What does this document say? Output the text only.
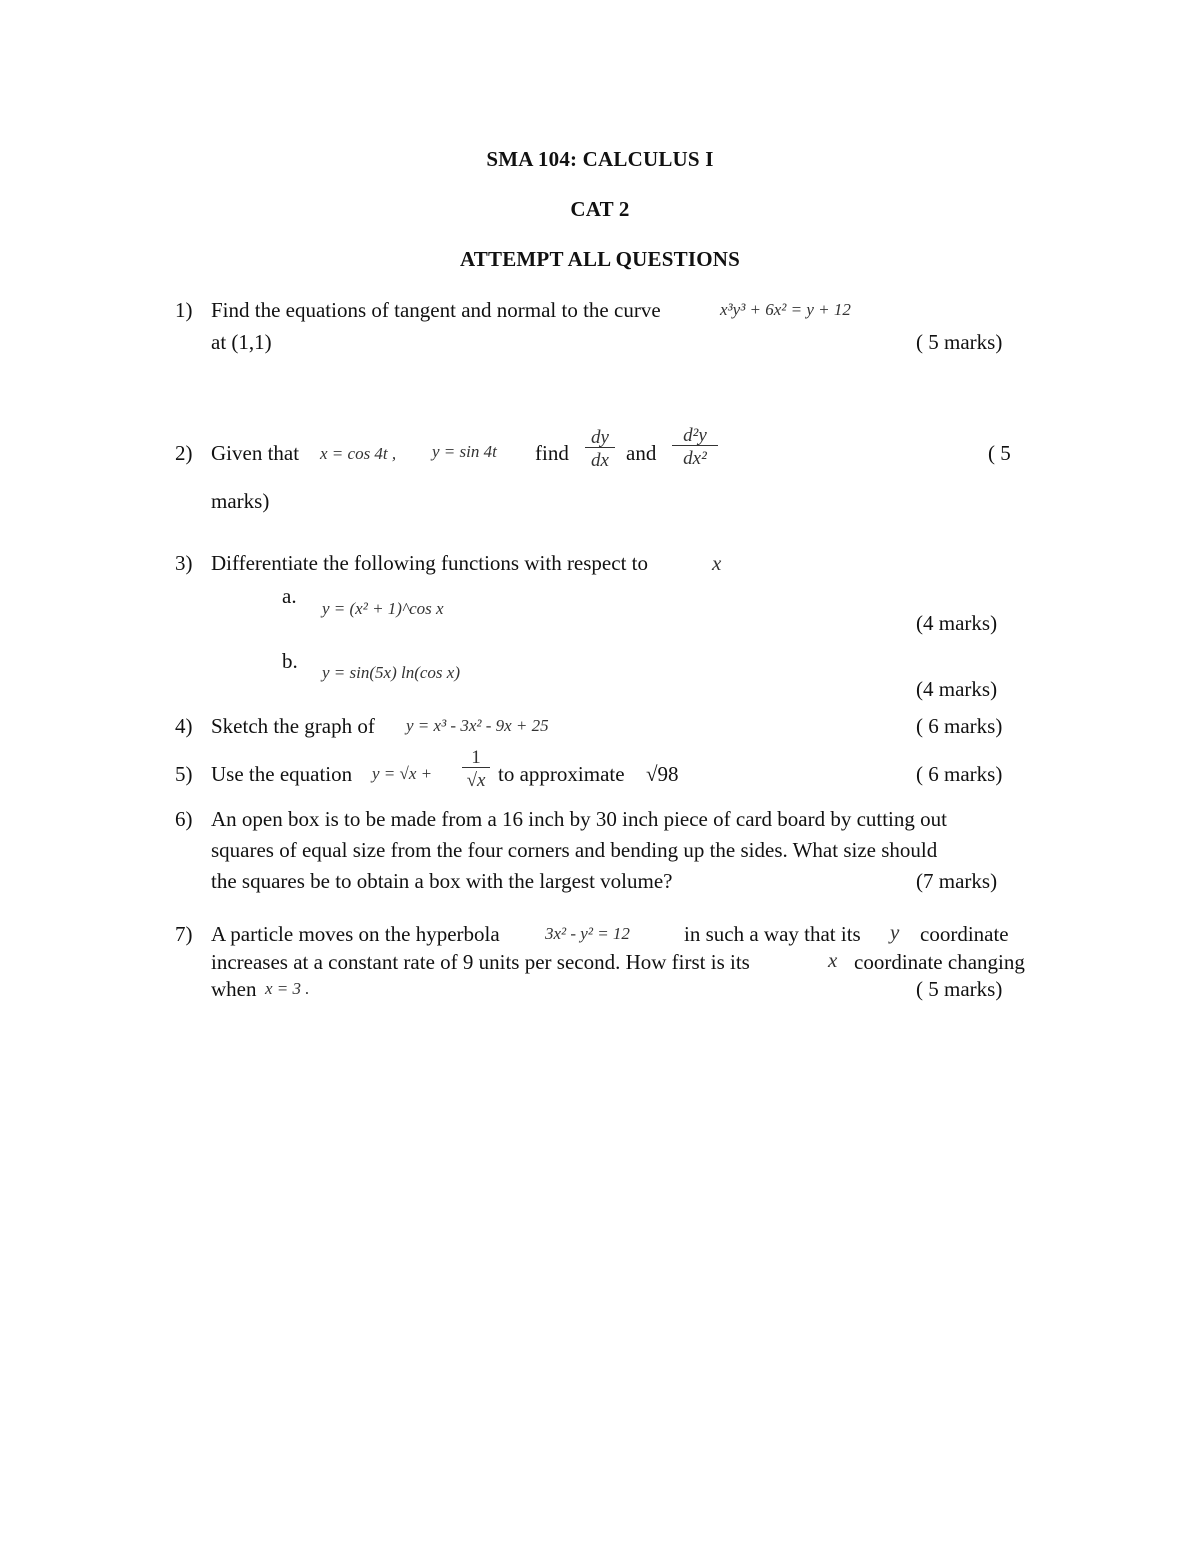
SMA 104: CALCULUS I
CAT 2
ATTEMPT ALL QUESTIONS
1) Find the equations of tangent and normal to the curve	x³y³ + 6x² = y + 12
at (1,1)	( 5 marks)
2) Given that x = cos 4t , y = sin 4t find $\frac{dy}{dx}$ and $\frac{\text{d²y}}{\text{dx²}}$	( 5
marks)
3) Differentiate the following functions with respect to	x
a.
y = (x² + 1)^cos x
(4 marks)
b. y = sin(5x) ln(cos x)
(4 marks)
4) Sketch the graph of y = x³ - 3x² - 9x + 25	( 6 marks)
5) Use the equation $y = √x + \frac{1}{√x}$ to approximate √98	( 6 marks)
6) An open box is to be made from a 16 inch by 30 inch piece of card board by cutting out
squares of equal size from the four corners and bending up the sides. What size should
the squares be to obtain a box with the largest volume?	(7 marks)
7) A particle moves on the hyperbola	3x² - y² = 12	in such a way that its y coordinate
increases at a constant rate of 9 units per second. How first is its	x coordinate changing
when x = 3 .	( 5 marks)
